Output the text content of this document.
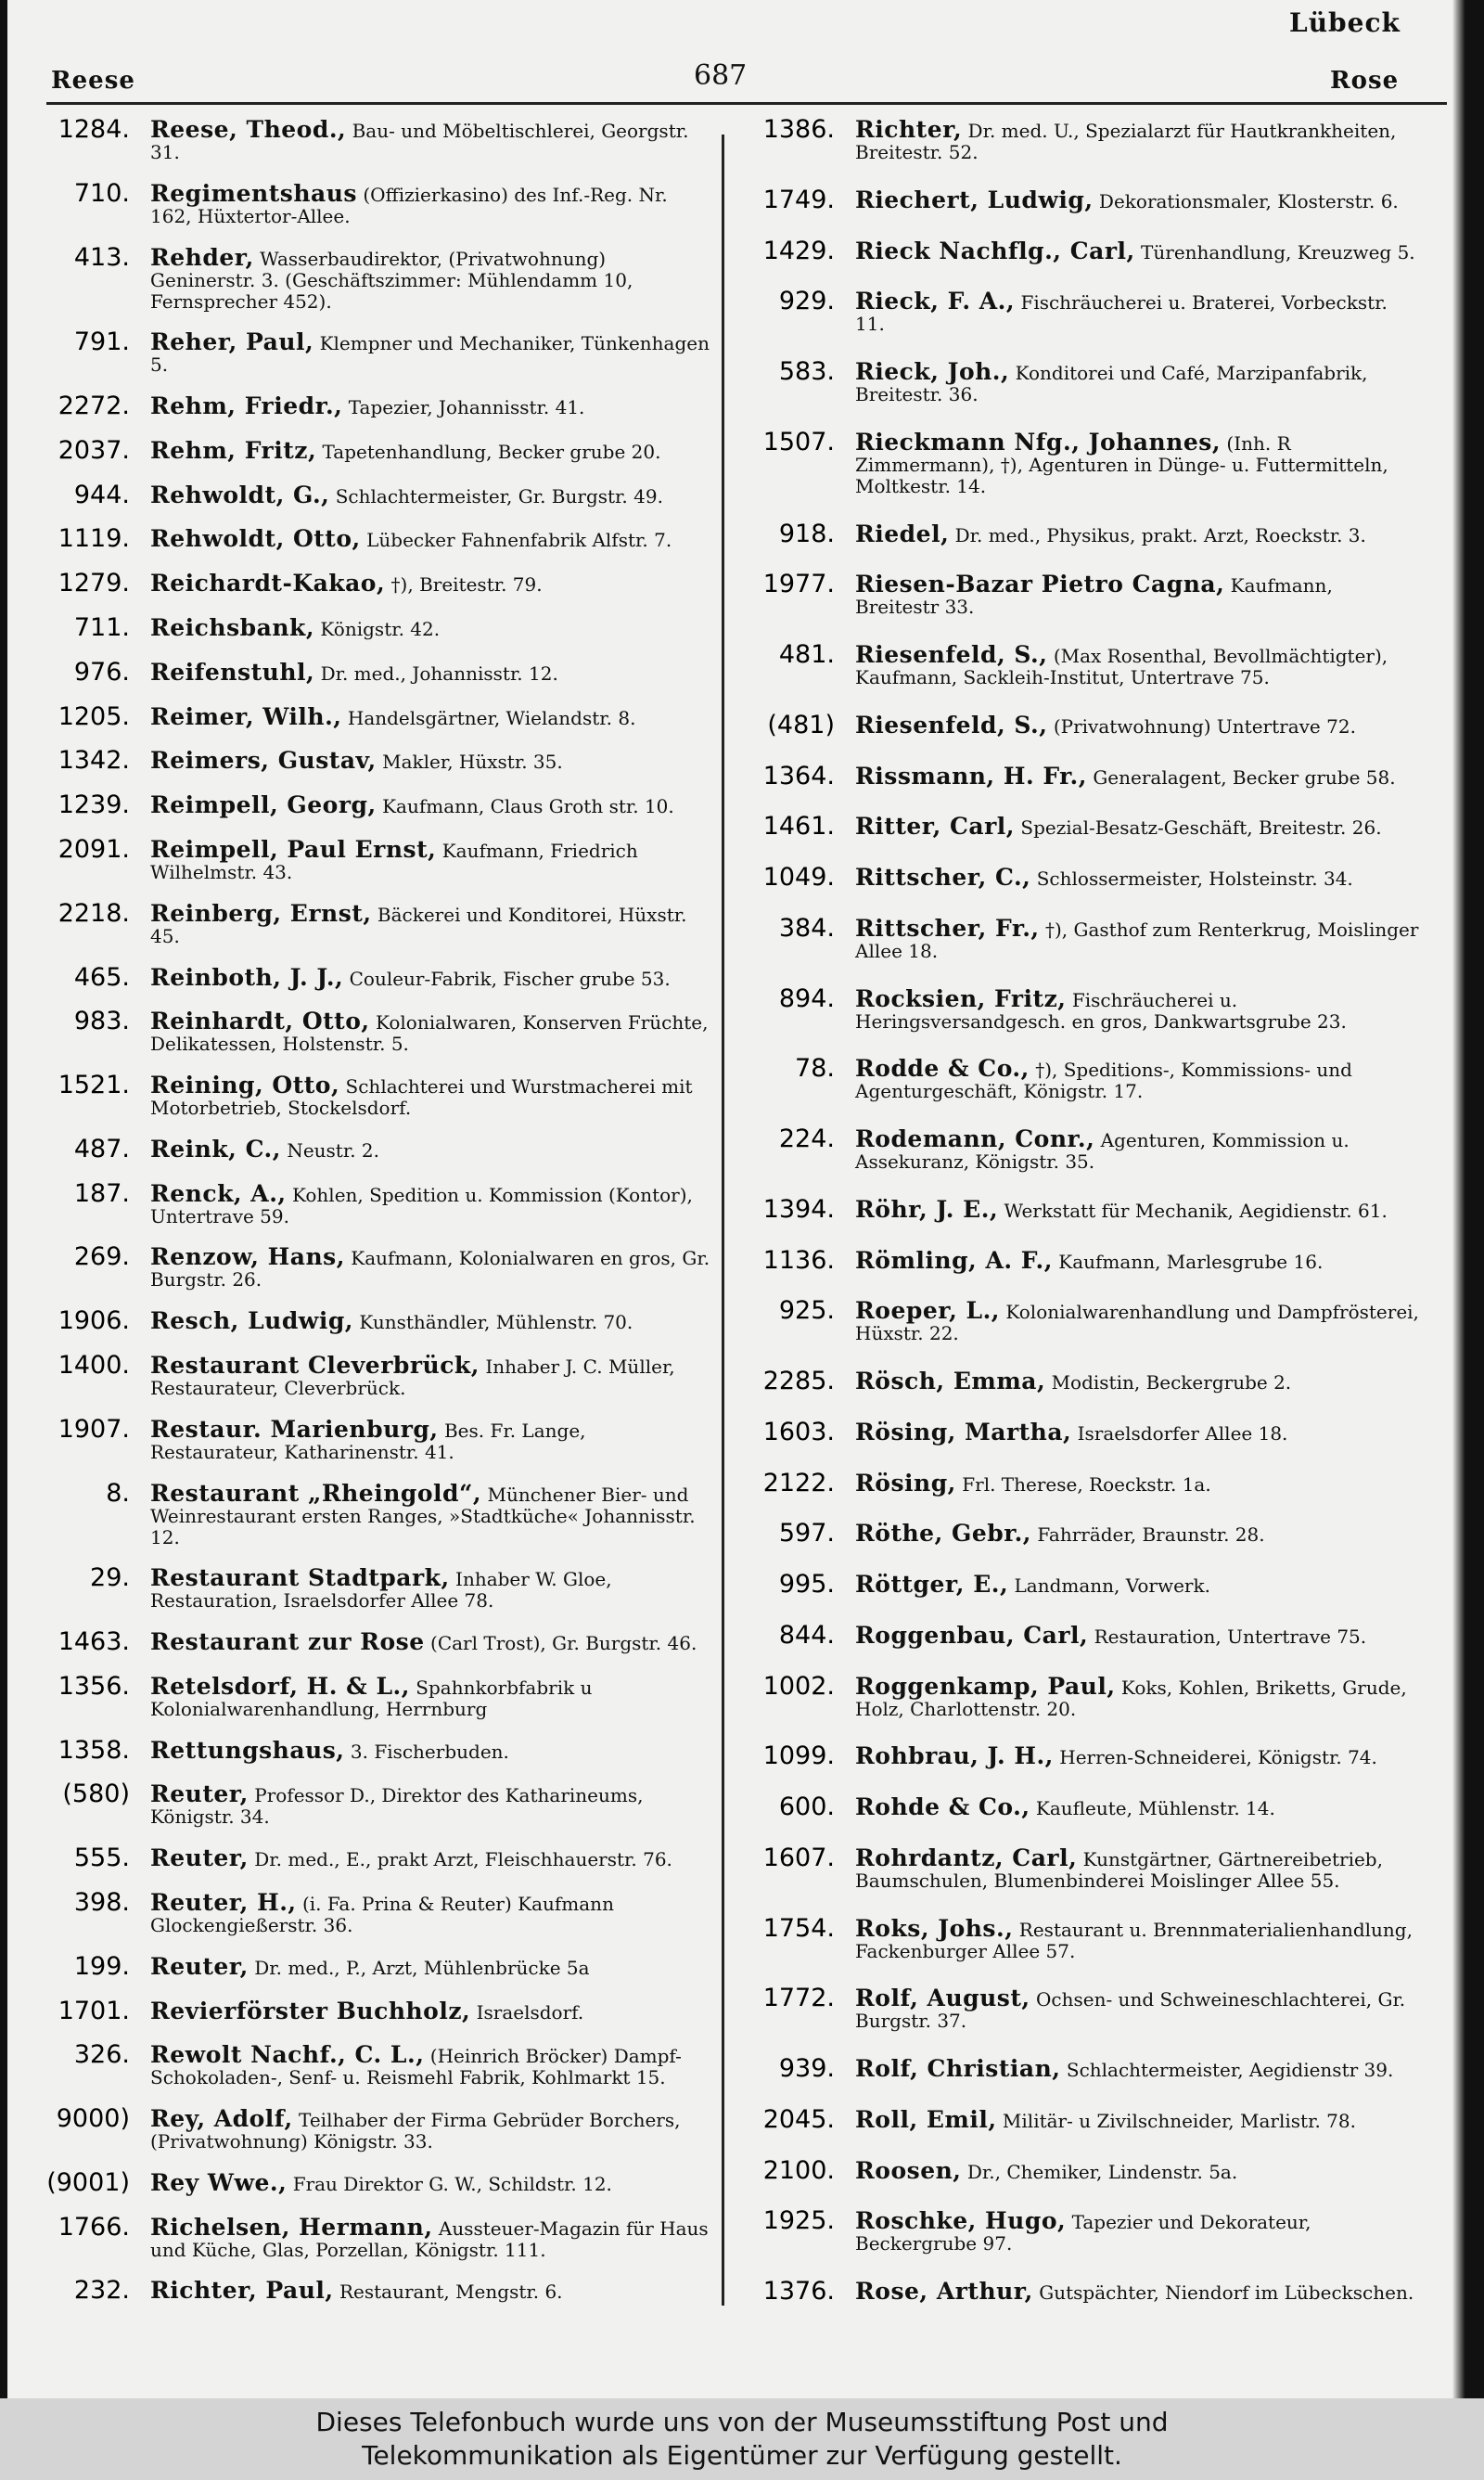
Lübeck
Reese	687	Rose
1284. Reese, Theod., Bau- und Möbeltischlerei, Georgstr. 31.
710. Regimentshaus (Offizierkasino) des Inf.-Reg. Nr. 162, Hüxtertor-Allee.
413. Rehder, Wasserbaudirektor, (Privatwohnung) Geninerstr. 3. (Geschäftszimmer: Mühlendamm 10, Fernsprecher 452).
791. Reher, Paul, Klempner und Mechaniker, Tünkenhagen 5.
2272. Rehm, Friedr., Tapezier, Johannisstr. 41.
2037. Rehm, Fritz, Tapetenhandlung, Becker grube 20.
944. Rehwoldt, G., Schlachtermeister, Gr. Burgstr. 49.
1119. Rehwoldt, Otto, Lübecker Fahnenfabrik Alfstr. 7.
1279. Reichardt-Kakao, †), Breitestr. 79.
711. Reichsbank, Königstr. 42.
976. Reifenstuhl, Dr. med., Johannisstr. 12.
1205. Reimer, Wilh., Handelsgärtner, Wielandstr. 8.
1342. Reimers, Gustav, Makler, Hüxstr. 35.
1239. Reimpell, Georg, Kaufmann, Claus Groth str. 10.
2091. Reimpell, Paul Ernst, Kaufmann, Friedrich Wilhelmstr. 43.
2218. Reinberg, Ernst, Bäckerei und Konditorei, Hüxstr. 45.
465. Reinboth, J. J., Couleur-Fabrik, Fischer grube 53.
983. Reinhardt, Otto, Kolonialwaren, Konserven Früchte, Delikatessen, Holstenstr. 5.
1521. Reining, Otto, Schlachterei und Wurstmacherei mit Motorbetrieb, Stockelsdorf.
487. Reink, C., Neustr. 2.
187. Renck, A., Kohlen, Spedition u. Kommission (Kontor), Untertrave 59.
269. Renzow, Hans, Kaufmann, Kolonialwaren en gros, Gr. Burgstr. 26.
1906. Resch, Ludwig, Kunsthändler, Mühlenstr. 70.
1400. Restaurant Cleverbrück, Inhaber J. C. Müller, Restaurateur, Cleverbrück.
1907. Restaur. Marienburg, Bes. Fr. Lange, Restaurateur, Katharinenstr. 41.
8. Restaurant „Rheingold“, Münchener Bier- und Weinrestaurant ersten Ranges, »Stadtküche« Johannisstr. 12.
29. Restaurant Stadtpark, Inhaber W. Gloe, Restauration, Israelsdorfer Allee 78.
1463. Restaurant zur Rose (Carl Trost), Gr. Burgstr. 46.
1356. Retelsdorf, H. & L., Spahnkorbfabrik u Kolonialwarenhandlung, Herrnburg
1358. Rettungshaus, 3. Fischerbuden.
(580) Reuter, Professor D., Direktor des Katharineums, Königstr. 34.
555. Reuter, Dr. med., E., prakt Arzt, Fleischhauerstr. 76.
398. Reuter, H., (i. Fa. Prina & Reuter) Kaufmann Glockengießerstr. 36.
199. Reuter, Dr. med., P., Arzt, Mühlenbrücke 5a
1701. Revierförster Buchholz, Israelsdorf.
326. Rewolt Nachf., C. L., (Heinrich Bröcker) Dampf-Schokoladen-, Senf- u. Reismehl Fabrik, Kohlmarkt 15.
9000) Rey, Adolf, Teilhaber der Firma Gebrüder Borchers, (Privatwohnung) Königstr. 33.
(9001) Rey Wwe., Frau Direktor G. W., Schildstr. 12.
1766. Richelsen, Hermann, Aussteuer-Magazin für Haus und Küche, Glas, Porzellan, Königstr. 111.
232. Richter, Paul, Restaurant, Mengstr. 6.
1386. Richter, Dr. med. U., Spezialarzt für Hautkrankheiten, Breitestr. 52.
1749. Riechert, Ludwig, Dekorationsmaler, Klosterstr. 6.
1429. Rieck Nachflg., Carl, Türenhandlung, Kreuzweg 5.
929. Rieck, F. A., Fischräucherei u. Braterei, Vorbeckstr. 11.
583. Rieck, Joh., Konditorei und Café, Marzipanfabrik, Breitestr. 36.
1507. Rieckmann Nfg., Johannes, (Inh. R Zimmermann), †), Agenturen in Dünge- u. Futtermitteln, Moltkestr. 14.
918. Riedel, Dr. med., Physikus, prakt. Arzt, Roeckstr. 3.
1977. Riesen-Bazar Pietro Cagna, Kaufmann, Breitestr 33.
481. Riesenfeld, S., (Max Rosenthal, Bevollmächtigter), Kaufmann, Sackleih-Institut, Untertrave 75.
(481) Riesenfeld, S., (Privatwohnung) Untertrave 72.
1364. Rissmann, H. Fr., Generalagent, Becker grube 58.
1461. Ritter, Carl, Spezial-Besatz-Geschäft, Breitestr. 26.
1049. Rittscher, C., Schlossermeister, Holsteinstr. 34.
384. Rittscher, Fr., †), Gasthof zum Renterkrug, Moislinger Allee 18.
894. Rocksien, Fritz, Fischräucherei u. Heringsversandgesch. en gros, Dankwartsgrube 23.
78. Rodde & Co., †), Speditions-, Kommissions- und Agenturgeschäft, Königstr. 17.
224. Rodemann, Conr., Agenturen, Kommission u. Assekuranz, Königstr. 35.
1394. Röhr, J. E., Werkstatt für Mechanik, Aegidienstr. 61.
1136. Römling, A. F., Kaufmann, Marlesgrube 16.
925. Roeper, L., Kolonialwarenhandlung und Dampfrösterei, Hüxstr. 22.
2285. Rösch, Emma, Modistin, Beckergrube 2.
1603. Rösing, Martha, Israelsdorfer Allee 18.
2122. Rösing, Frl. Therese, Roeckstr. 1a.
597. Röthe, Gebr., Fahrräder, Braunstr. 28.
995. Röttger, E., Landmann, Vorwerk.
844. Roggenbau, Carl, Restauration, Untertrave 75.
1002. Roggenkamp, Paul, Koks, Kohlen, Briketts, Grude, Holz, Charlottenstr. 20.
1099. Rohbrau, J. H., Herren-Schneiderei, Königstr. 74.
600. Rohde & Co., Kaufleute, Mühlenstr. 14.
1607. Rohrdantz, Carl, Kunstgärtner, Gärtnereibetrieb, Baumschulen, Blumenbinderei Moislinger Allee 55.
1754. Roks, Johs., Restaurant u. Brennmaterialienhandlung, Fackenburger Allee 57.
1772. Rolf, August, Ochsen- und Schweineschlachterei, Gr. Burgstr. 37.
939. Rolf, Christian, Schlachtermeister, Aegidienstr 39.
2045. Roll, Emil, Militär- u Zivilschneider, Marlistr. 78.
2100. Roosen, Dr., Chemiker, Lindenstr. 5a.
1925. Roschke, Hugo, Tapezier und Dekorateur, Beckergrube 97.
1376. Rose, Arthur, Gutspächter, Niendorf im Lübeckschen.
Dieses Telefonbuch wurde uns von der Museumsstiftung Post und
Telekommunikation als Eigentümer zur Verfügung gestellt.
